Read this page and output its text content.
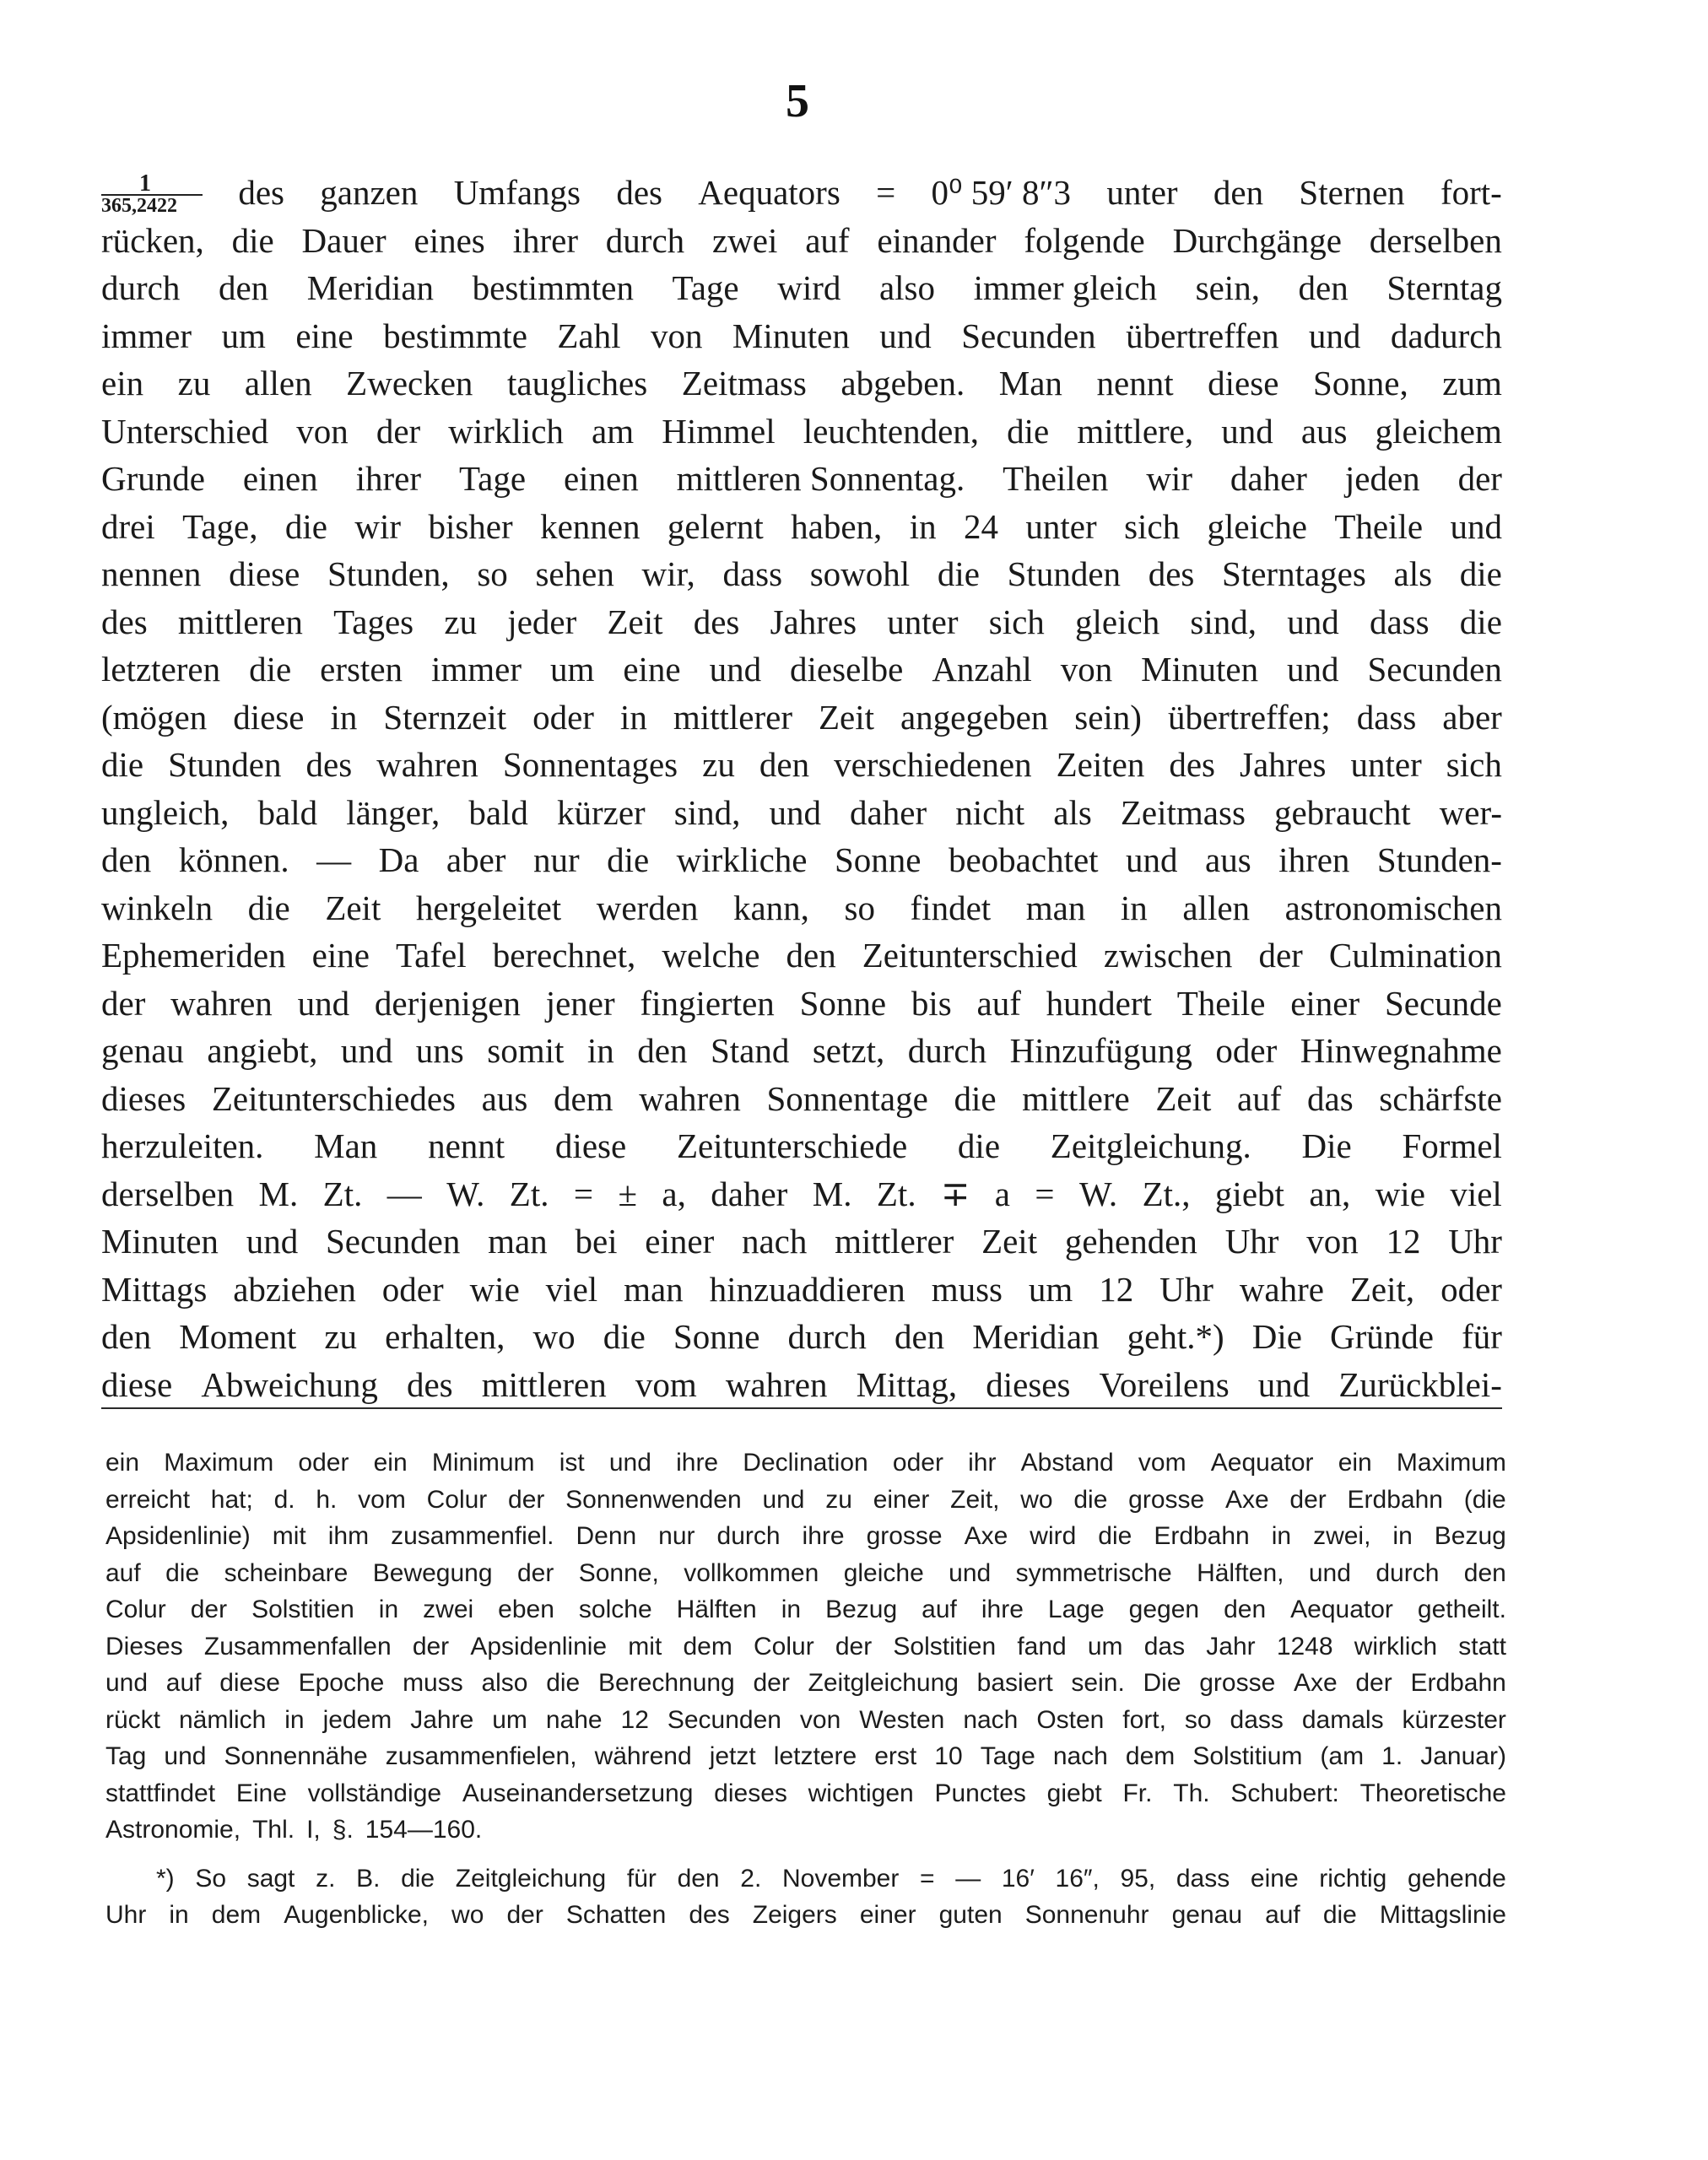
5
1
365,2422 des ganzen Umfangs des Aequators = 0⁰ 59′ 8″3 unter den Sternen fort-
rücken, die Dauer eines ihrer durch zwei auf einander folgende Durchgänge derselben
durch den Meridian bestimmten Tage wird also immer gleich sein, den Sterntag
immer um eine bestimmte Zahl von Minuten und Secunden übertreffen und dadurch
ein zu allen Zwecken taugliches Zeitmass abgeben. Man nennt diese Sonne, zum
Unterschied von der wirklich am Himmel leuchtenden, die mittlere, und aus gleichem
Grunde einen ihrer Tage einen mittleren Sonnentag. Theilen wir daher jeden der
drei Tage, die wir bisher kennen gelernt haben, in 24 unter sich gleiche Theile und
nennen diese Stunden, so sehen wir, dass sowohl die Stunden des Sterntages als die
des mittleren Tages zu jeder Zeit des Jahres unter sich gleich sind, und dass die
letzteren die ersten immer um eine und dieselbe Anzahl von Minuten und Secunden
(mögen diese in Sternzeit oder in mittlerer Zeit angegeben sein) übertreffen; dass aber
die Stunden des wahren Sonnentages zu den verschiedenen Zeiten des Jahres unter sich
ungleich, bald länger, bald kürzer sind, und daher nicht als Zeitmass gebraucht wer-
den können. — Da aber nur die wirkliche Sonne beobachtet und aus ihren Stunden-
winkeln die Zeit hergeleitet werden kann, so findet man in allen astronomischen
Ephemeriden eine Tafel berechnet, welche den Zeitunterschied zwischen der Culmination
der wahren und derjenigen jener fingierten Sonne bis auf hundert Theile einer Secunde
genau angiebt, und uns somit in den Stand setzt, durch Hinzufügung oder Hinwegnahme
dieses Zeitunterschiedes aus dem wahren Sonnentage die mittlere Zeit auf das schärfste
herzuleiten. Man nennt diese Zeitunterschiede die Zeitgleichung. Die Formel
derselben M. Zt. — W. Zt. = ± a, daher M. Zt. ∓ a = W. Zt., giebt an, wie viel
Minuten und Secunden man bei einer nach mittlerer Zeit gehenden Uhr von 12 Uhr
Mittags abziehen oder wie viel man hinzuaddieren muss um 12 Uhr wahre Zeit, oder
den Moment zu erhalten, wo die Sonne durch den Meridian geht.*) Die Gründe für
diese Abweichung des mittleren vom wahren Mittag, dieses Voreilens und Zurückblei-
ein Maximum oder ein Minimum ist und ihre Declination oder ihr Abstand vom Aequator ein Maximum
erreicht hat; d. h. vom Colur der Sonnenwenden und zu einer Zeit, wo die grosse Axe der Erdbahn (die
Apsidenlinie) mit ihm zusammenfiel. Denn nur durch ihre grosse Axe wird die Erdbahn in zwei, in Bezug
auf die scheinbare Bewegung der Sonne, vollkommen gleiche und symmetrische Hälften, und durch den
Colur der Solstitien in zwei eben solche Hälften in Bezug auf ihre Lage gegen den Aequator getheilt.
Dieses Zusammenfallen der Apsidenlinie mit dem Colur der Solstitien fand um das Jahr 1248 wirklich statt
und auf diese Epoche muss also die Berechnung der Zeitgleichung basiert sein. Die grosse Axe der Erdbahn
rückt nämlich in jedem Jahre um nahe 12 Secunden von Westen nach Osten fort, so dass damals kürzester
Tag und Sonnennähe zusammenfielen, während jetzt letztere erst 10 Tage nach dem Solstitium (am 1. Januar)
stattfindet Eine vollständige Auseinandersetzung dieses wichtigen Punctes giebt Fr. Th. Schubert: Theoretische
Astronomie, Thl. I, §. 154—160.
*) So sagt z. B. die Zeitgleichung für den 2. November = — 16′ 16″, 95, dass eine richtig gehende
Uhr in dem Augenblicke, wo der Schatten des Zeigers einer guten Sonnenuhr genau auf die Mittagslinie
